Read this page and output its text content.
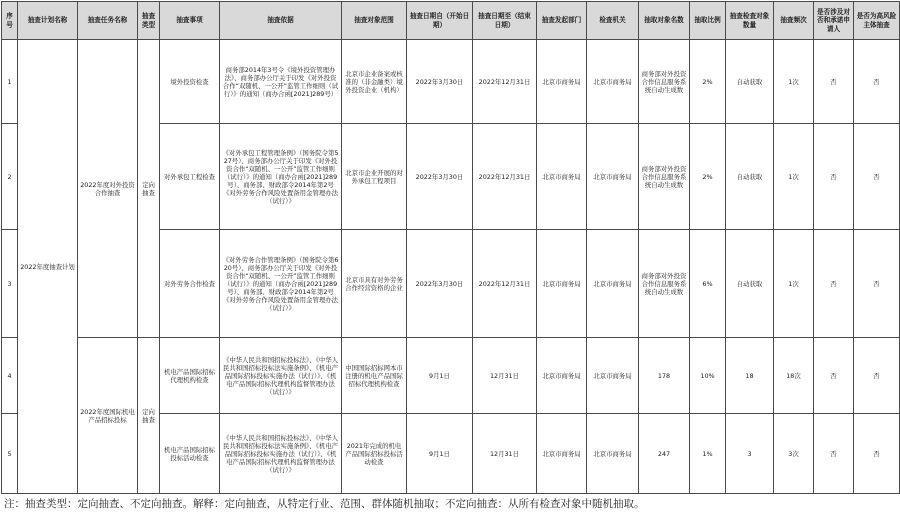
序号	抽查计划名称	抽查任务名称	抽查类型	抽查事项	抽查依据	抽查对象范围	抽查日期自（开始日期）	抽查日期至（结束日期）	抽查发起部门	检查机关	抽取对象名数	抽取比例	抽查检查对象数量	抽查频次	是否涉及对否和承诺申请人	是否为高风险主体抽查
1	2022年度抽查计划	2022年度对外投资合作抽查	定向抽查	境外投资检查	商务部2014年3号令《境外投资管理办法》、商务部办公厅关于印发《对外投资合作“双随机、一公开”监管工作细则（试行）》的通知（商办合函[2021]289号）	北京市企业备案或核准的（非金融类）境外投资企业（机构）	2022年3月30日	2022年12月31日	北京市商务局	北京市商务局	商务部对外投资合作信息服务系统自动生成数	2%	自动获取	1次	否	否
2				对外承包工程检查	《对外承包工程管理条例》（国务院令第527号）、商务部办公厅关于印发《对外投资合作“双随机、一公开”监管工作细则（试行）》的通知（商办合函[2021]289号）、商务部、财政部令2014年第2号 《对外劳务合作风险处置备用金管理办法（试行）》	北京市企业开展的对外承包工程项目	2022年3月30日	2022年12月31日	北京市商务局	北京市商务局	商务部对外投资合作信息服务系统自动生成数	2%	自动获取	1次	否	否
3				对外劳务合作检查	《对外劳务合作管理条例》（国务院令第620号）、商务部办公厅关于印发《对外投资合作“双随机、一公开”监管工作细则（试行）》的通知（商办合函[2021]289号）、商务部、财政部令2014年第2号 《对外劳务合作风险处置备用金管理办法（试行）》	北京市具有对外劳务合作经营资格的企业	2022年3月30日	2022年12月31日	北京市商务局	北京市商务局	商务部对外投资合作信息服务系统自动生成数	6%	自动获取	1次	否	否
4		2022年度国际机电产品招标投标	定向抽查	机电产品国际招标代理机构检查	《中华人民共和国招标投标法》、《中华人民共和国招标投标法实施条例》、《机电产品国际招标投标实施办法（试行）》、《机电产品国际招标代理机构监督管理办法（试行）》	中国国际招标网本市注册的机电产品国际招标代理机构检查	9月1日	12月31日	北京市商务局	北京市商务局	178	10%	18	18次	否	否
5				机电产品国际招标投标活动检查	《中华人民共和国招标投标法》、《中华人民共和国招标投标法实施条例》、《机电产品国际招标投标实施办法（试行）》、《机电产品国际招标代理机构监督管理办法（试行）》	2021年完成的机电产品国际招标投标活动检查	9月1日	12月31日	北京市商务局	北京市商务局	247	1%	3	3次	否	否
注：抽查类型：定向抽查、不定向抽查。解释：定向抽查，从特定行业、范围、群体随机抽取；不定向抽查：从所有检查对象中随机抽取。
